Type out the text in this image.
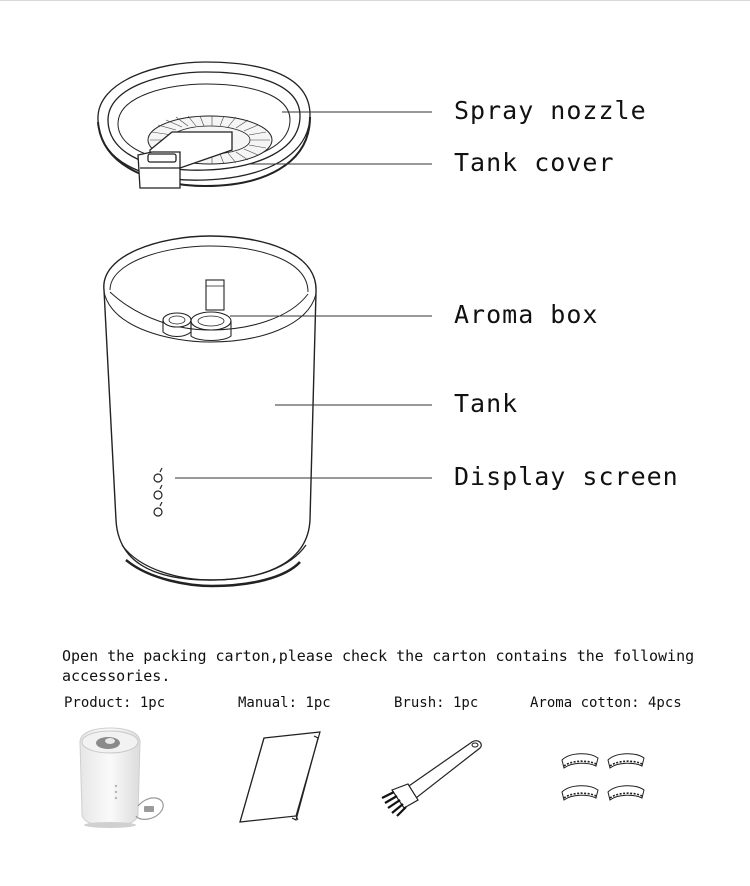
Spray nozzle
Tank cover
Aroma box
Tank
Display screen
Open the packing carton,please check the carton contains the following accessories.
Product: 1pc	Manual: 1pc	Brush: 1pc	Aroma cotton: 4pcs
